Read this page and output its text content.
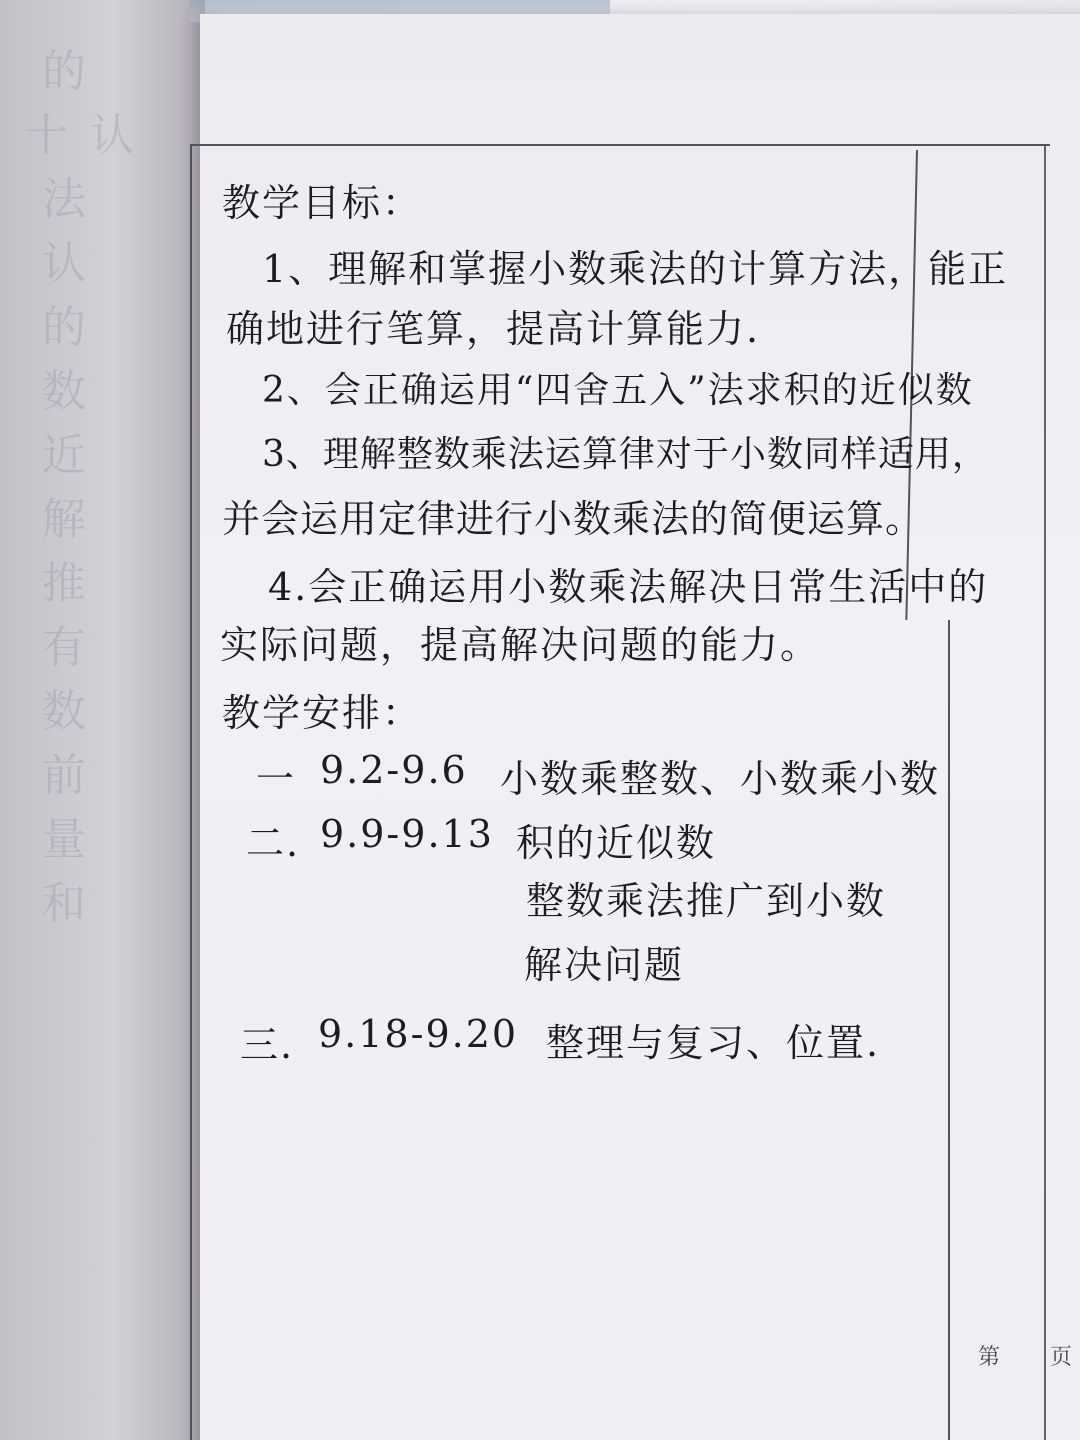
的
十 认
法
认
的
数
近
解
推
有
数
前
量
和
教学目标：
1、理解和掌握小数乘法的计算方法，能正
确地进行笔算，提高计算能力.
2、会正确运用“四舍五入”法求积的近似数
3、理解整数乘法运算律对于小数同样适用，
并会运用定律进行小数乘法的简便运算。
4.会正确运用小数乘法解决日常生活中的
实际问题，提高解决问题的能力。
教学安排：
一 9.2-9.6 小数乘整数、小数乘小数
二. 9.9-9.13 积的近似数
整数乘法推广到小数
解决问题
三. 9.18-9.20 整理与复习、位置.
第 页
